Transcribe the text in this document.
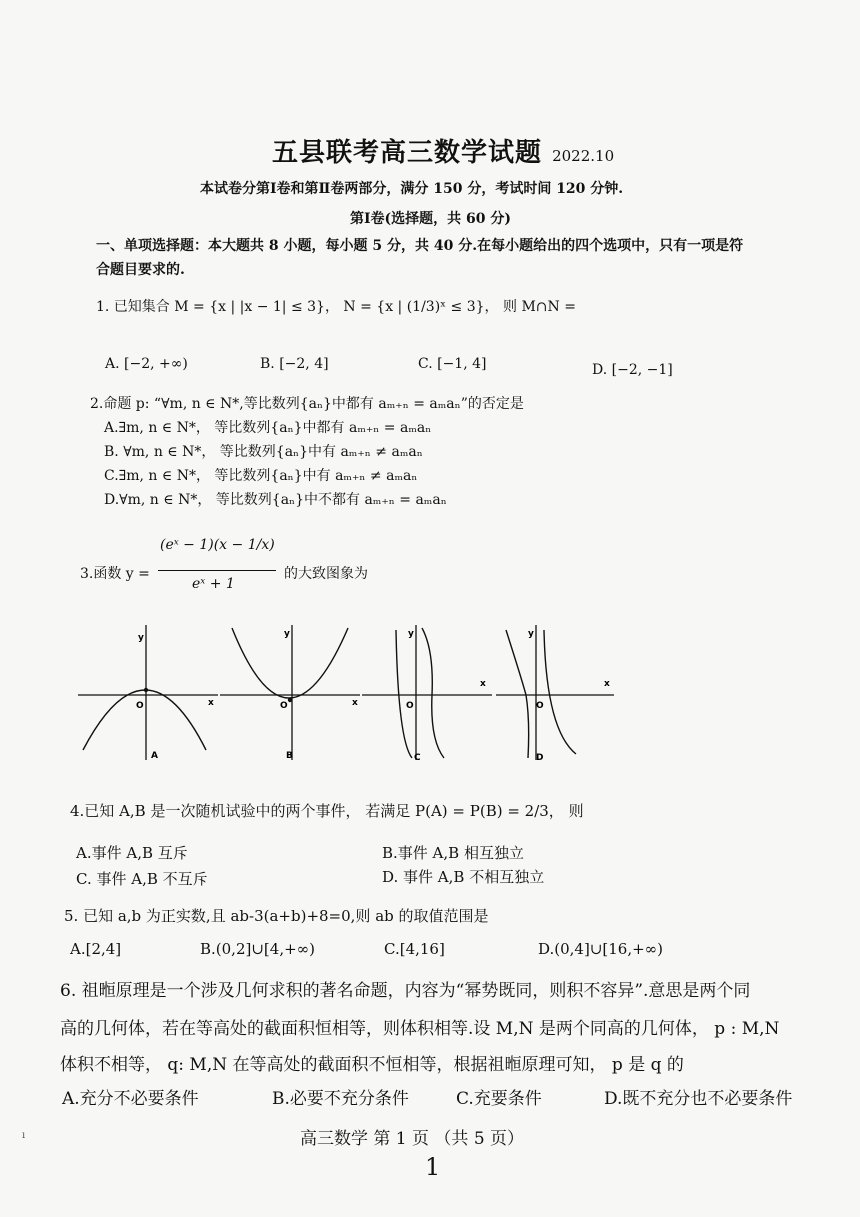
五县联考高三数学试题 2022.10
本试卷分第Ⅰ卷和第Ⅱ卷两部分，满分 150 分，考试时间 120 分钟.
第Ⅰ卷(选择题，共 60 分)
一、单项选择题：本大题共 8 小题，每小题 5 分，共 40 分.在每小题给出的四个选项中，只有一项是符合题目要求的.
1. 已知集合 M = {x | |x − 1| ≤ 3}， N = {x | (1/3)ˣ ≤ 3}， 则 M∩N =
A. [−2, +∞)	B. [−2, 4]	C. [−1, 4]	D. [−2, −1]
2.命题 p: “∀m, n ∈ N*,等比数列{aₙ}中都有 aₘ₊ₙ = aₘaₙ”的否定是
A.∃m, n ∈ N*， 等比数列{aₙ}中都有 aₘ₊ₙ = aₘaₙ
B. ∀m, n ∈ N*， 等比数列{aₙ}中有 aₘ₊ₙ ≠ aₘaₙ
C.∃m, n ∈ N*， 等比数列{aₙ}中有 aₘ₊ₙ ≠ aₘaₙ
D.∀m, n ∈ N*， 等比数列{aₙ}中不都有 aₘ₊ₙ = aₘaₙ
3.函数 y =
(eˣ − 1)(x − 1/x)
eˣ + 1
的大致图象为
y
x
O
A
y
x
O
B
y
x
O
C
y
x
O
D
4.已知 A,B 是一次随机试验中的两个事件， 若满足 P(A) = P(B) = 2/3， 则
A.事件 A,B 互斥	B.事件 A,B 相互独立
C. 事件 A,B 不互斥	D. 事件 A,B 不相互独立
5. 已知 a,b 为正实数,且 ab-3(a+b)+8=0,则 ab 的取值范围是
A.[2,4]	B.(0,2]∪[4,+∞)	C.[4,16]	D.(0,4]∪[16,+∞)
6. 祖暅原理是一个涉及几何求积的著名命题，内容为“幂势既同，则积不容异”.意思是两个同
高的几何体，若在等高处的截面积恒相等，则体积相等.设 M,N 是两个同高的几何体， p : M,N
体积不相等， q: M,N 在等高处的截面积不恒相等，根据祖暅原理可知， p 是 q 的
A.充分不必要条件	B.必要不充分条件	C.充要条件	D.既不充分也不必要条件
ı	高三数学 第 1 页 （共 5 页）
1
